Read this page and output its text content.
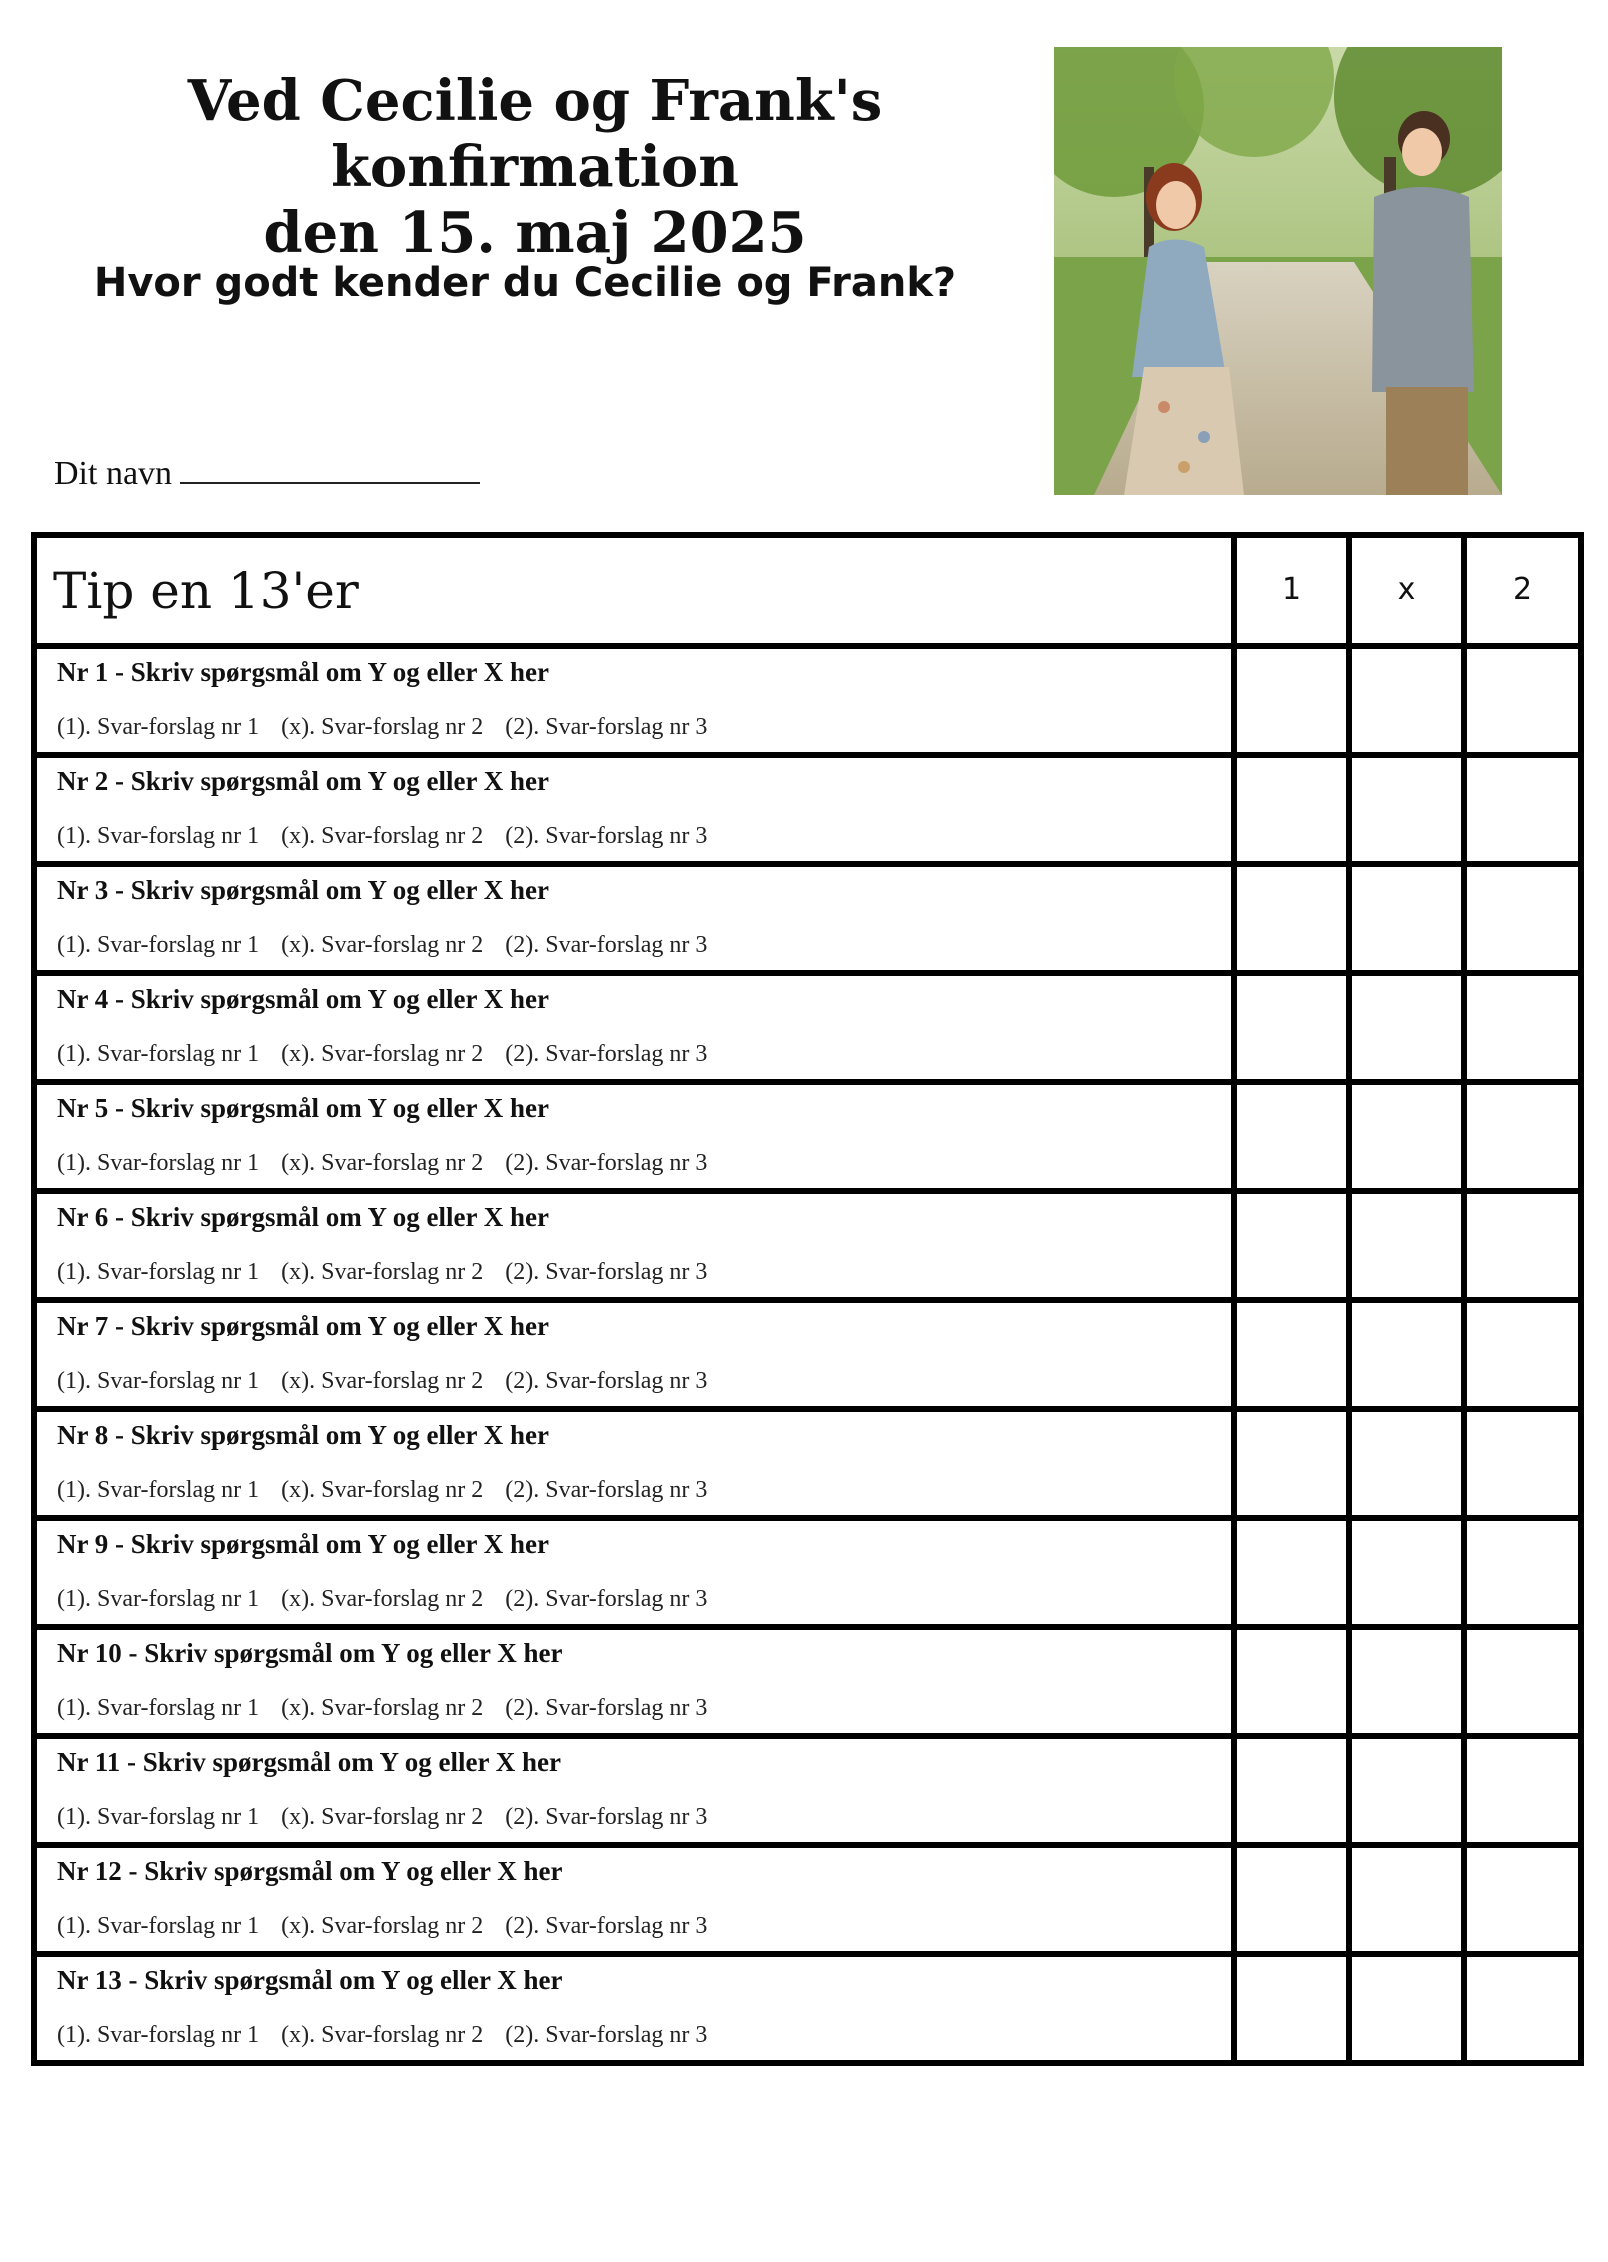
Ved Cecilie og Frank's konfirmation
den 15. maj 2025
Hvor godt kender du Cecilie og Frank?
Dit navn
Tip en 13'er	1	x	2

Nr 1 - Skriv spørgsmål om Y og eller X her
(1). Svar-forslag nr 1 (x). Svar-forslag nr 2 (2). Svar-forslag nr 3			

Nr 2 - Skriv spørgsmål om Y og eller X her
(1). Svar-forslag nr 1 (x). Svar-forslag nr 2 (2). Svar-forslag nr 3			

Nr 3 - Skriv spørgsmål om Y og eller X her
(1). Svar-forslag nr 1 (x). Svar-forslag nr 2 (2). Svar-forslag nr 3			

Nr 4 - Skriv spørgsmål om Y og eller X her
(1). Svar-forslag nr 1 (x). Svar-forslag nr 2 (2). Svar-forslag nr 3			

Nr 5 - Skriv spørgsmål om Y og eller X her
(1). Svar-forslag nr 1 (x). Svar-forslag nr 2 (2). Svar-forslag nr 3			

Nr 6 - Skriv spørgsmål om Y og eller X her
(1). Svar-forslag nr 1 (x). Svar-forslag nr 2 (2). Svar-forslag nr 3			

Nr 7 - Skriv spørgsmål om Y og eller X her
(1). Svar-forslag nr 1 (x). Svar-forslag nr 2 (2). Svar-forslag nr 3			

Nr 8 - Skriv spørgsmål om Y og eller X her
(1). Svar-forslag nr 1 (x). Svar-forslag nr 2 (2). Svar-forslag nr 3			

Nr 9 - Skriv spørgsmål om Y og eller X her
(1). Svar-forslag nr 1 (x). Svar-forslag nr 2 (2). Svar-forslag nr 3			

Nr 10 - Skriv spørgsmål om Y og eller X her
(1). Svar-forslag nr 1 (x). Svar-forslag nr 2 (2). Svar-forslag nr 3			

Nr 11 - Skriv spørgsmål om Y og eller X her
(1). Svar-forslag nr 1 (x). Svar-forslag nr 2 (2). Svar-forslag nr 3			

Nr 12 - Skriv spørgsmål om Y og eller X her
(1). Svar-forslag nr 1 (x). Svar-forslag nr 2 (2). Svar-forslag nr 3			

Nr 13 - Skriv spørgsmål om Y og eller X her
(1). Svar-forslag nr 1 (x). Svar-forslag nr 2 (2). Svar-forslag nr 3			
